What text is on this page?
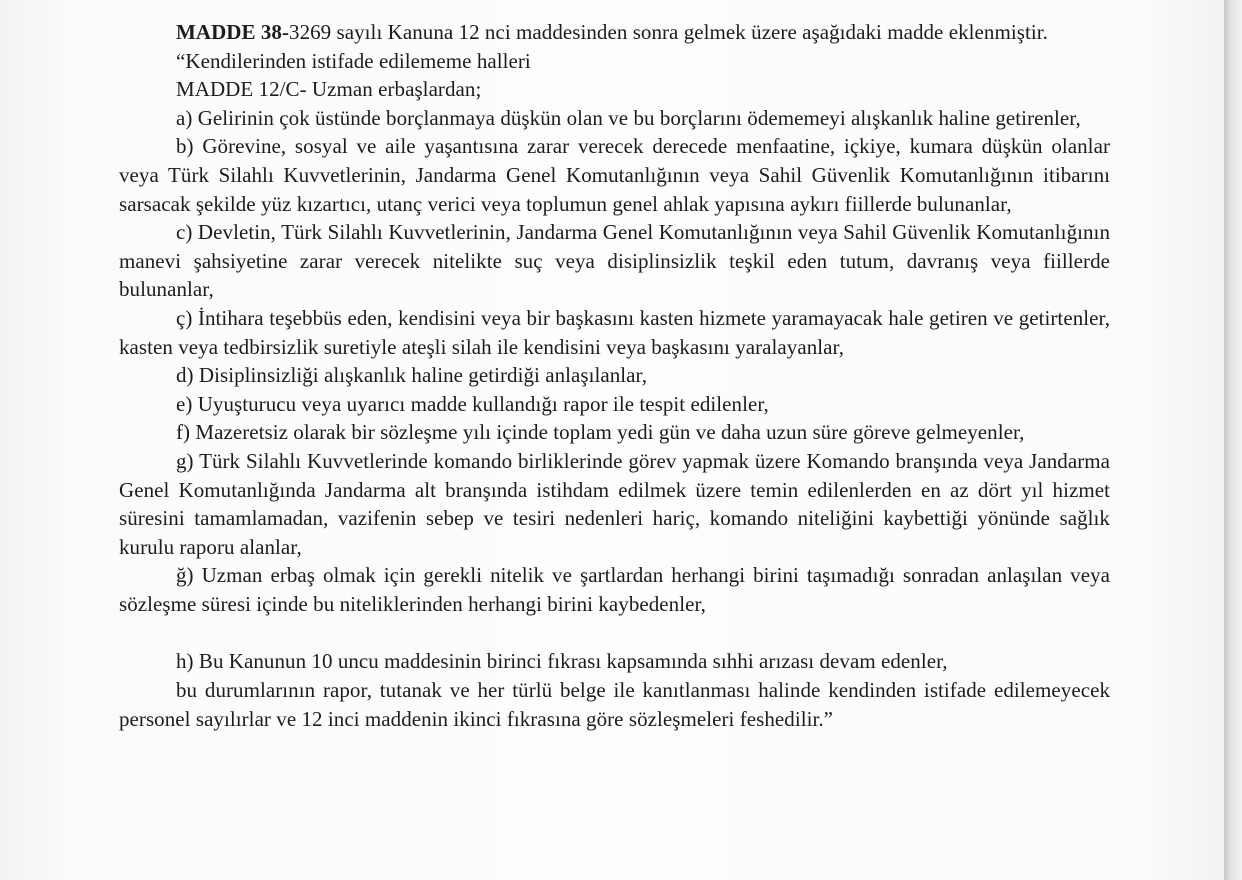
MADDE 38-3269 sayılı Kanuna 12 nci maddesinden sonra gelmek üzere aşağıdaki madde eklenmiştir.

“Kendilerinden istifade edilememe halleri

MADDE 12/C- Uzman erbaşlardan;

a) Gelirinin çok üstünde borçlanmaya düşkün olan ve bu borçlarını ödememeyi alışkanlık haline getirenler,

b) Görevine, sosyal ve aile yaşantısına zarar verecek derecede menfaatine, içkiye, kumara düşkün olanlar veya Türk Silahlı Kuvvetlerinin, Jandarma Genel Komutanlığının veya Sahil Güvenlik Komutanlığının itibarını sarsacak şekilde yüz kızartıcı, utanç verici veya toplumun genel ahlak yapısına aykırı fiillerde bulunanlar,

c) Devletin, Türk Silahlı Kuvvetlerinin, Jandarma Genel Komutanlığının veya Sahil Güvenlik Komutanlığının manevi şahsiyetine zarar verecek nitelikte suç veya disiplinsizlik teşkil eden tutum, davranış veya fiillerde bulunanlar,

ç) İntihara teşebbüs eden, kendisini veya bir başkasını kasten hizmete yaramayacak hale getiren ve getirtenler, kasten veya tedbirsizlik suretiyle ateşli silah ile kendisini veya başkasını yaralayanlar,

d) Disiplinsizliği alışkanlık haline getirdiği anlaşılanlar,

e) Uyuşturucu veya uyarıcı madde kullandığı rapor ile tespit edilenler,

f) Mazeretsiz olarak bir sözleşme yılı içinde toplam yedi gün ve daha uzun süre göreve gelmeyenler,

g) Türk Silahlı Kuvvetlerinde komando birliklerinde görev yapmak üzere Komando branşında veya Jandarma Genel Komutanlığında Jandarma alt branşında istihdam edilmek üzere temin edilenlerden en az dört yıl hizmet süresini tamamlamadan, vazifenin sebep ve tesiri nedenleri hariç, komando niteliğini kaybettiği yönünde sağlık kurulu raporu alanlar,

ğ) Uzman erbaş olmak için gerekli nitelik ve şartlardan herhangi birini taşımadığı sonradan anlaşılan veya sözleşme süresi içinde bu niteliklerinden herhangi birini kaybedenler,

h) Bu Kanunun 10 uncu maddesinin birinci fıkrası kapsamında sıhhi arızası devam edenler,

bu durumlarının rapor, tutanak ve her türlü belge ile kanıtlanması halinde kendinden istifade edilemeyecek personel sayılırlar ve 12 inci maddenin ikinci fıkrasına göre sözleşmeleri feshedilir.”
